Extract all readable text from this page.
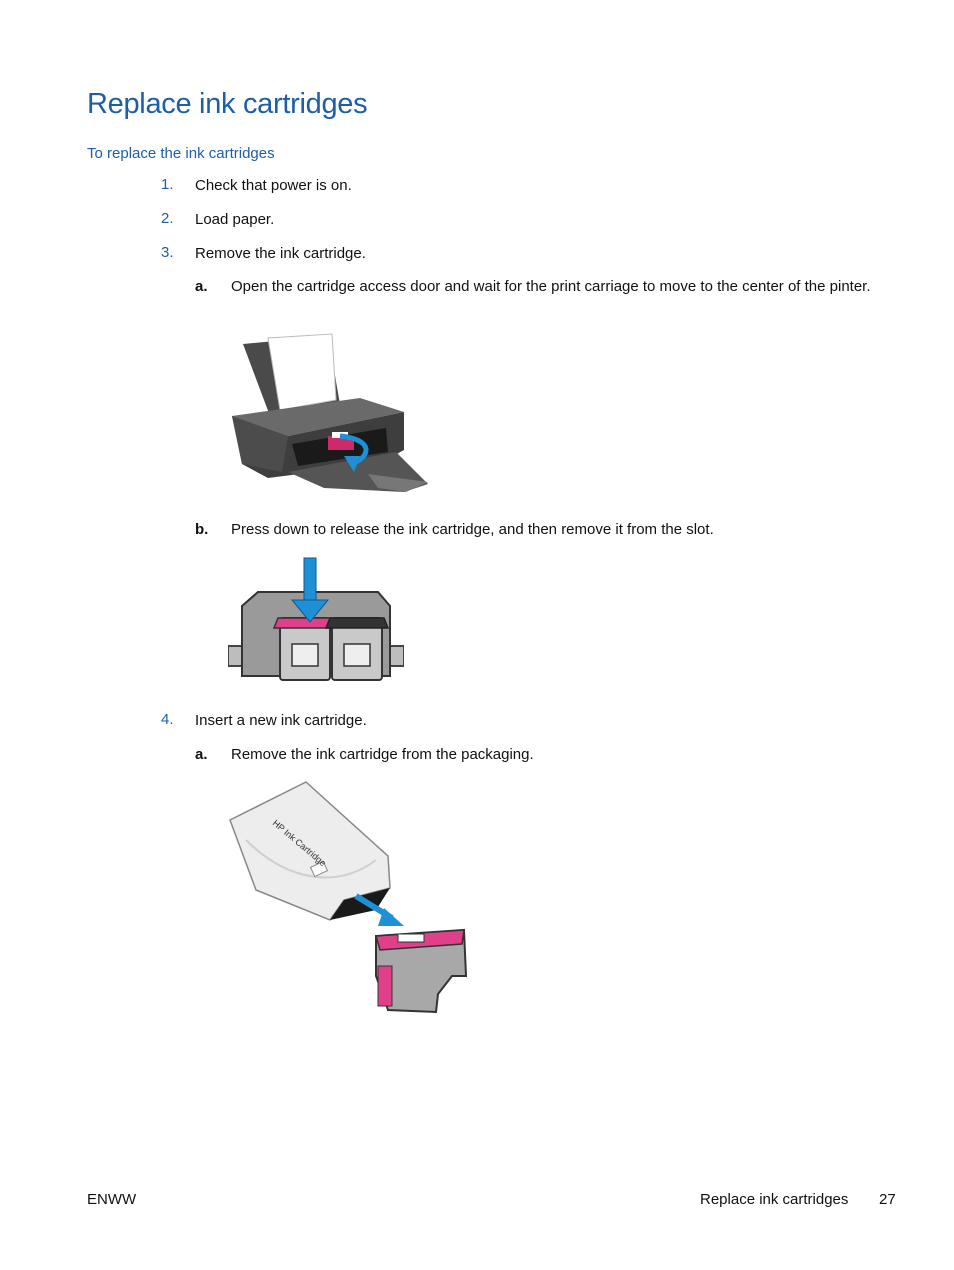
Replace ink cartridges
To replace the ink cartridges
1. Check that power is on.
2. Load paper.
3. Remove the ink cartridge.
a. Open the cartridge access door and wait for the print carriage to move to the center of the pinter.
b. Press down to release the ink cartridge, and then remove it from the slot.
4. Insert a new ink cartridge.
a. Remove the ink cartridge from the packaging.
HP Ink Cartridge
ENWW	Replace ink cartridges 27
